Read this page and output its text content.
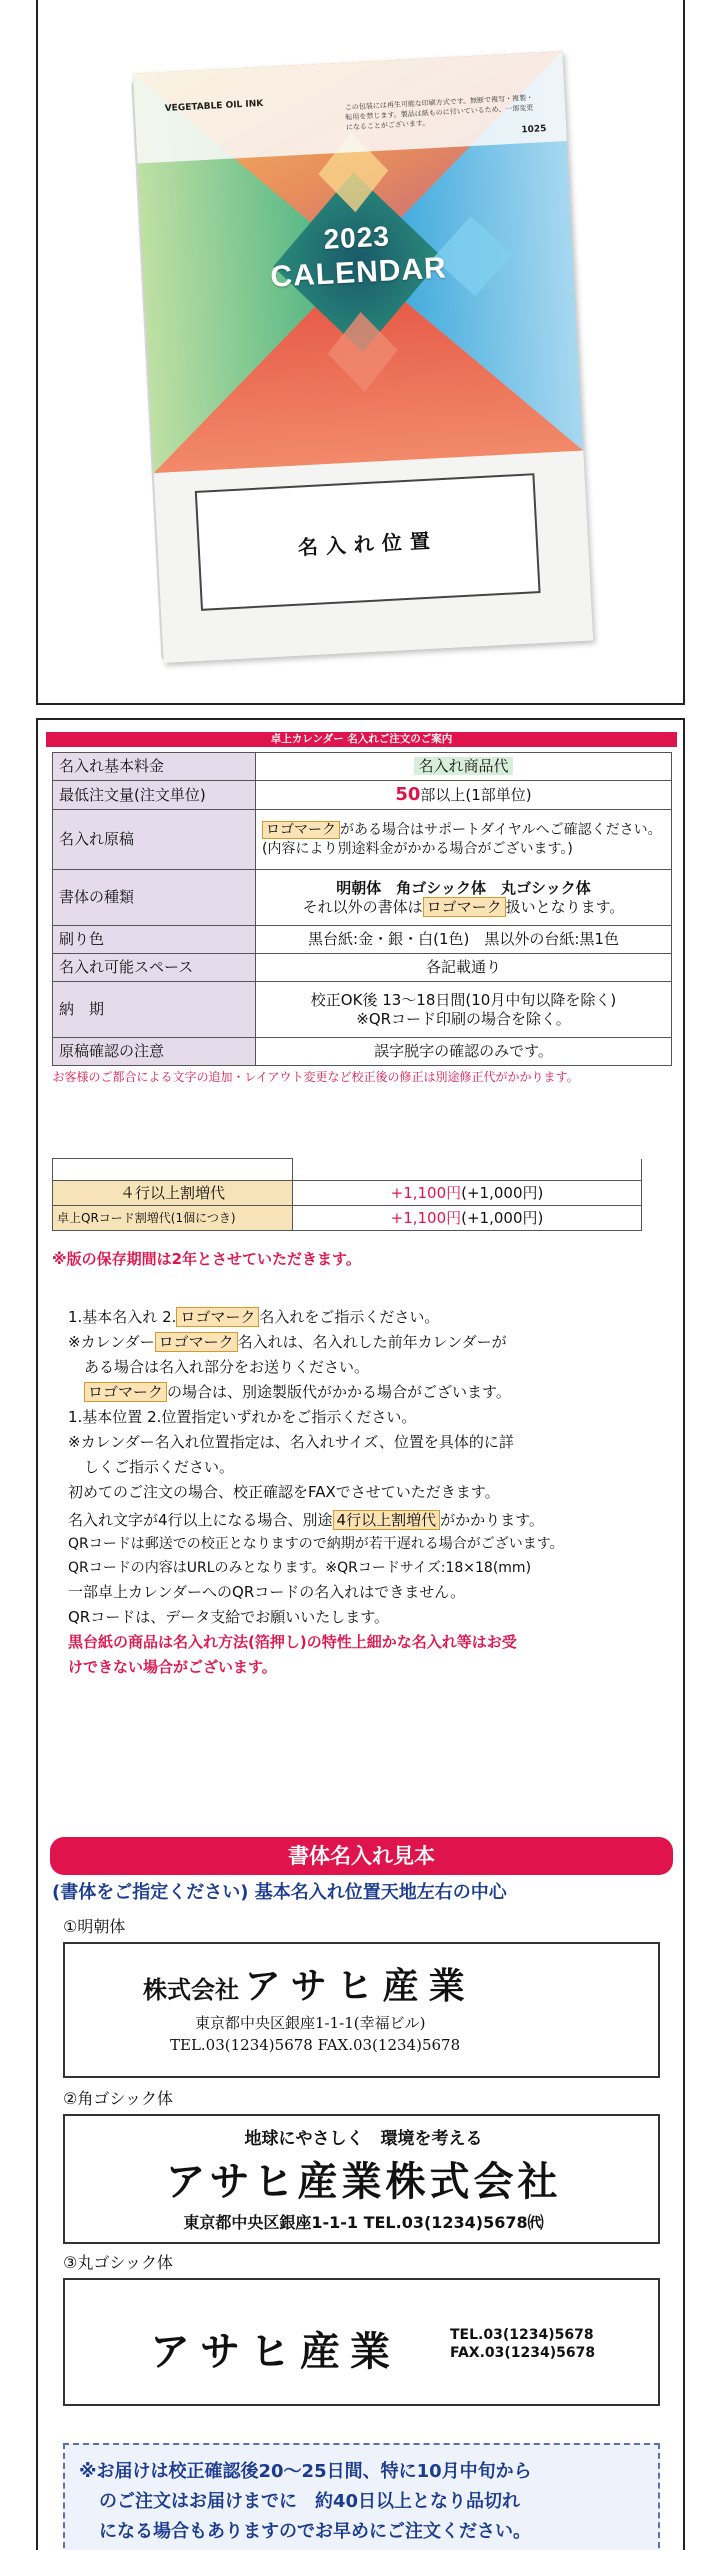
VEGETABLE OIL INK	この包装には再生可能な印刷方式です。無断で複写・複製・転用を禁じます。製品は紙ものに付いているため、一部変更になることがございます。	1025
2023
CALENDAR
名入れ位置
卓上カレンダー 名入れご注文のご案内
名入れ基本料金	名入れ商品代
最低注文量(注文単位)	50部以上(1部単位)
名入れ原稿	ロゴマーク がある場合はサポートダイヤルへご確認ください。(内容により別途料金がかかる場合がございます。)
書体の種類	明朝体　角ゴシック体　丸ゴシック体
それ以外の書体は ロゴマーク 扱いとなります。

刷り色	黒台紙:金・銀・白(1色)　黒以外の台紙:黒1色
名入れ可能スペース	各記載通り
納　期	校正OK後 13～18日間(10月中旬以降を除く)
※QRコード印刷の場合を除く。

原稿確認の注意	誤字脱字の確認のみです。
お客様のご都合による文字の追加・レイアウト変更など校正後の修正は別途修正代がかかります。	

４行以上割増代	+1,100円(+1,000円)
卓上QRコード割増代(1個につき)	+1,100円(+1,000円)
※版の保存期間は2年とさせていただきます。
1.基本名入れ 2. ロゴマーク 名入れをご指示ください。
※カレンダー ロゴマーク 名入れは、名入れした前年カレンダーが
ある場合は名入れ部分をお送りください。
ロゴマーク の場合は、別途製版代がかかる場合がございます。
1.基本位置 2.位置指定いずれかをご指示ください。
※カレンダー名入れ位置指定は、名入れサイズ、位置を具体的に詳
しくご指示ください。
初めてのご注文の場合、校正確認をFAXでさせていただきます。
名入れ文字が4行以上になる場合、別途 4行以上割増代 がかかります。
QRコードは郵送での校正となりますので納期が若干遅れる場合がございます。
QRコードの内容はURLのみとなります。※QRコードサイズ:18×18(mm)
一部卓上カレンダーへのQRコードの名入れはできません。
QRコードは、データ支給でお願いいたします。
黒台紙の商品は名入れ方法(箔押し)の特性上細かな名入れ等はお受
けできない場合がございます。
書体名入れ見本
(書体をご指定ください) 基本名入れ位置天地左右の中心
①明朝体
株式会社 アサヒ産業
東京都中央区銀座1-1-1(幸福ビル)
TEL.03(1234)5678 FAX.03(1234)5678
②角ゴシック体
地球にやさしく　環境を考える
アサヒ産業株式会社
東京都中央区銀座1-1-1 TEL.03(1234)5678㈹
③丸ゴシック体
アサヒ産業	TEL.03(1234)5678
FAX.03(1234)5678
※お届けは校正確認後20～25日間、特に10月中旬から
のご注文はお届けまでに　約40日以上となり品切れ
になる場合もありますのでお早めにご注文ください。
